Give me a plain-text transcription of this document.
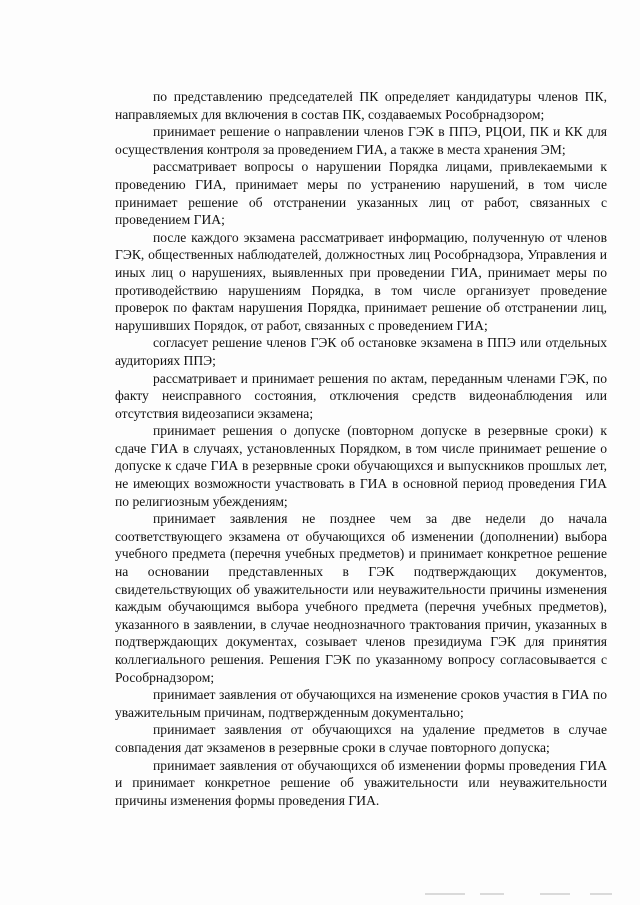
по представлению председателей ПК определяет кандидатуры членов ПК, направляемых для включения в состав ПК, создаваемых Рособрнадзором;

принимает решение о направлении членов ГЭК в ППЭ, РЦОИ, ПК и КК для осуществления контроля за проведением ГИА, а также в места хранения ЭМ;

рассматривает вопросы о нарушении Порядка лицами, привлекаемыми к проведению ГИА, принимает меры по устранению нарушений, в том числе принимает решение об отстранении указанных лиц от работ, связанных с проведением ГИА;

после каждого экзамена рассматривает информацию, полученную от членов ГЭК, общественных наблюдателей, должностных лиц Рособрнадзора, Управления и иных лиц о нарушениях, выявленных при проведении ГИА, принимает меры по противодействию нарушениям Порядка, в том числе организует проведение проверок по фактам нарушения Порядка, принимает решение об отстранении лиц, нарушивших Порядок, от работ, связанных с проведением ГИА;

согласует решение членов ГЭК об остановке экзамена в ППЭ или отдельных аудиториях ППЭ;

рассматривает и принимает решения по актам, переданным членами ГЭК, по факту неисправного состояния, отключения средств видеонаблюдения или отсутствия видеозаписи экзамена;

принимает решения о допуске (повторном допуске в резервные сроки) к сдаче ГИА в случаях, установленных Порядком, в том числе принимает решение о допуске к сдаче ГИА в резервные сроки обучающихся и выпускников прошлых лет, не имеющих возможности участвовать в ГИА в основной период проведения ГИА по религиозным убеждениям;

принимает заявления не позднее чем за две недели до начала соответствующего экзамена от обучающихся об изменении (дополнении) выбора учебного предмета (перечня учебных предметов) и принимает конкретное решение на основании представленных в ГЭК подтверждающих документов, свидетельствующих об уважительности или неуважительности причины изменения каждым обучающимся выбора учебного предмета (перечня учебных предметов), указанного в заявлении, в случае неоднозначного трактования причин, указанных в подтверждающих документах, созывает членов президиума ГЭК для принятия коллегиального решения. Решения ГЭК по указанному вопросу согласовывается с Рособрнадзором;

принимает заявления от обучающихся на изменение сроков участия в ГИА по уважительным причинам, подтвержденным документально;

принимает заявления от обучающихся на удаление предметов в случае совпадения дат экзаменов в резервные сроки в случае повторного допуска;

принимает заявления от обучающихся об изменении формы проведения ГИА и принимает конкретное решение об уважительности или неуважительности причины изменения формы проведения ГИА.
